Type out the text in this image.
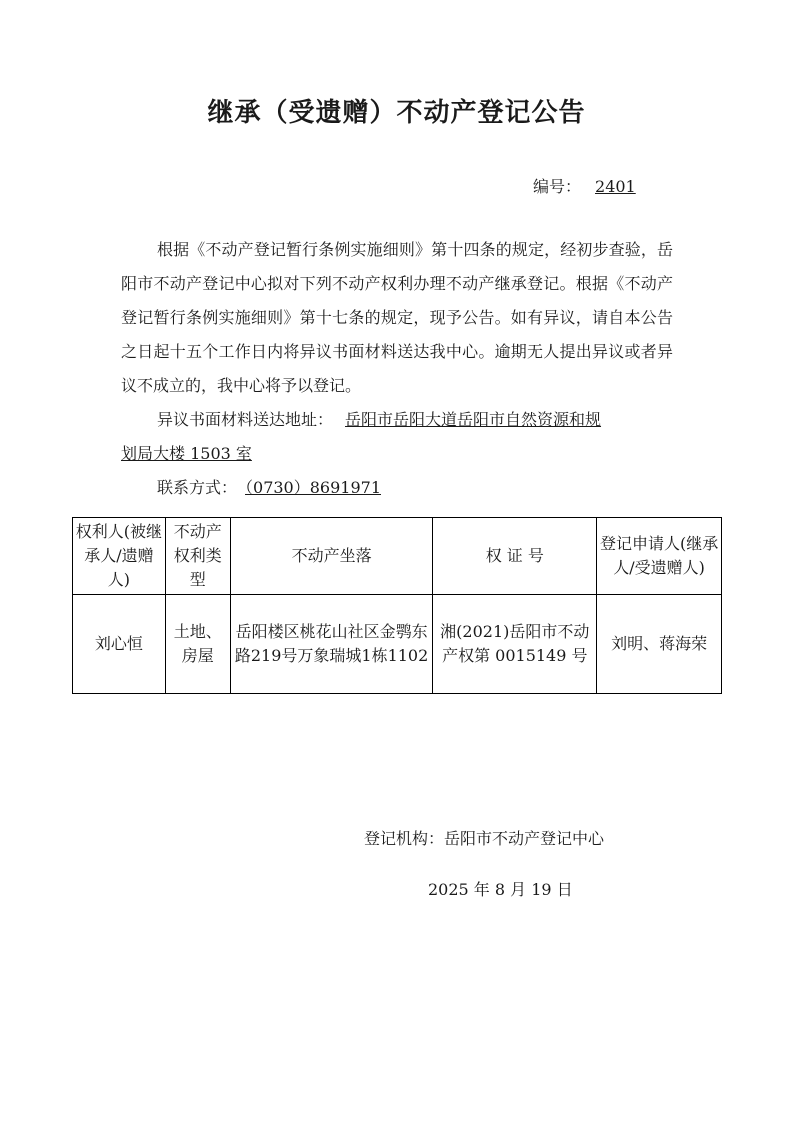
继承（受遗赠）不动产登记公告
编号： 2401
根据《不动产登记暂行条例实施细则》第十四条的规定，经初步查验，岳阳市不动产登记中心拟对下列不动产权利办理不动产继承登记。根据《不动产登记暂行条例实施细则》第十七条的规定，现予公告。如有异议，请自本公告之日起十五个工作日内将异议书面材料送达我中心。逾期无人提出异议或者异议不成立的，我中心将予以登记。
异议书面材料送达地址： 岳阳市岳阳大道岳阳市自然资源和规
划局大楼 1503 室
联系方式： （0730）8691971
权利人(被继承人/遗赠人)	不动产权利类型	不动产坐落	权 证 号	登记申请人(继承人/受遗赠人)
刘心恒	土地、房屋	岳阳楼区桃花山社区金鹗东路219号万象瑞城1栋1102	湘(2021)岳阳市不动产权第 0015149 号	刘明、蒋海荣
登记机构：岳阳市不动产登记中心
2025 年 8 月 19 日
